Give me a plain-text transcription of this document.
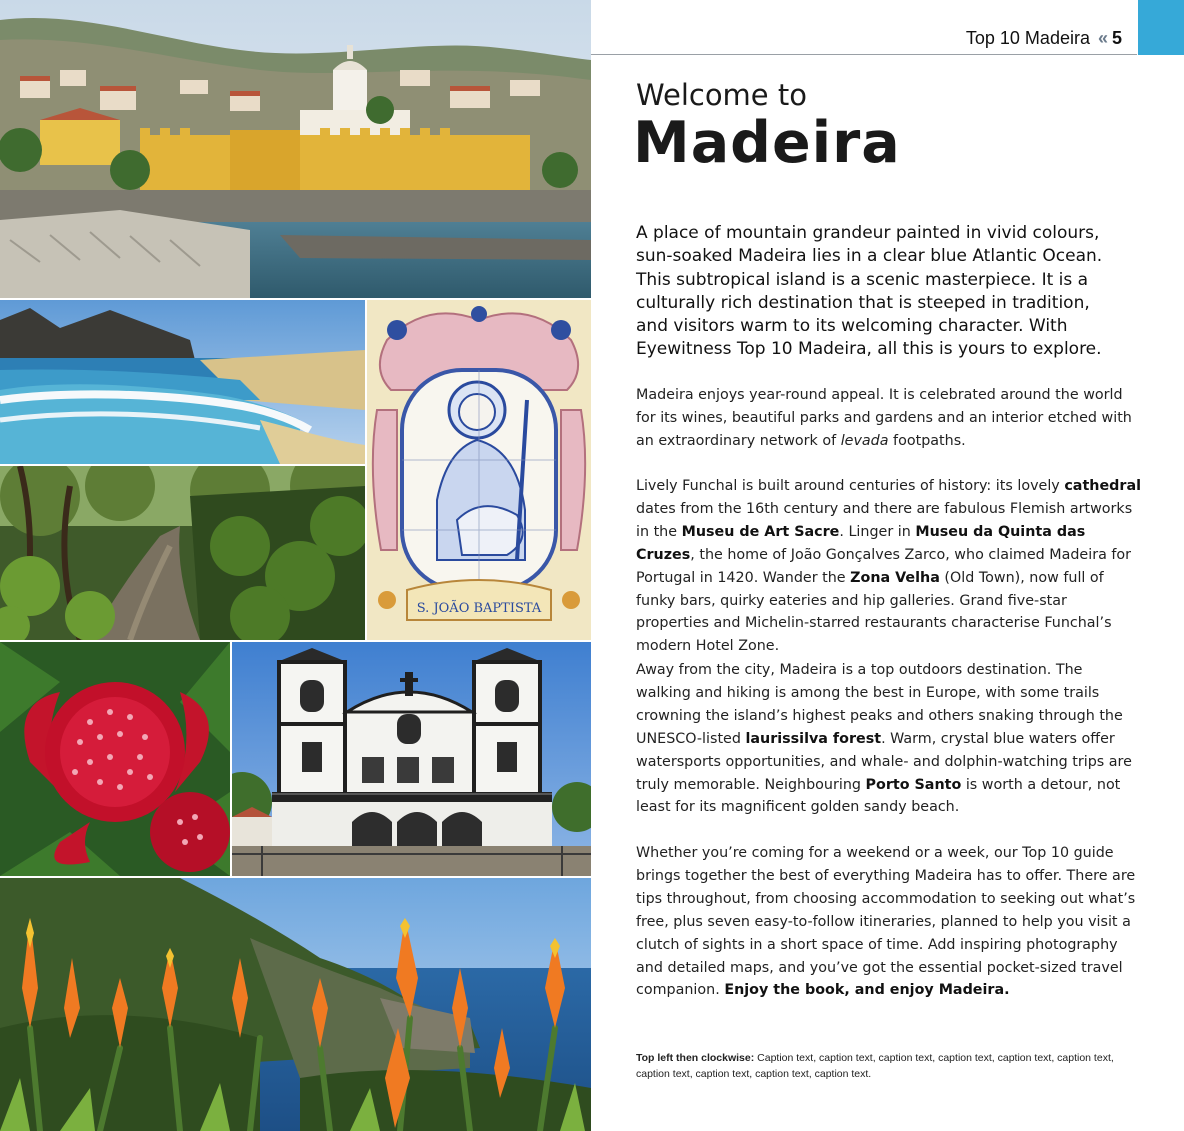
S. JOÃO BAPTISTA
Top 10 Madeira « 5
Welcome to
Madeira
A place of mountain grandeur painted in vivid colours, sun-soaked Madeira lies in a clear blue Atlantic Ocean. This subtropical island is a scenic masterpiece. It is a culturally rich destination that is steeped in tradition, and visitors warm to its welcoming character. With Eyewitness Top 10 Madeira, all this is yours to explore.
Madeira enjoys year-round appeal. It is celebrated around the world for its wines, beautiful parks and gardens and an interior etched with an extraordinary network of levada footpaths.
Lively Funchal is built around centuries of history: its lovely cathedral dates from the 16th century and there are fabulous Flemish artworks in the Museu de Art Sacre. Linger in Museu da Quinta das Cruzes, the home of João Gonçalves Zarco, who claimed Madeira for Portugal in 1420. Wander the Zona Velha (Old Town), now full of funky bars, quirky eateries and hip galleries. Grand five-star properties and Michelin-starred restaurants characterise Funchal’s modern Hotel Zone.
Away from the city, Madeira is a top outdoors destination. The walking and hiking is among the best in Europe, with some trails crowning the island’s highest peaks and others snaking through the UNESCO-listed laurissilva forest. Warm, crystal blue waters offer watersports opportunities, and whale- and dolphin-watching trips are truly memorable. Neighbouring Porto Santo is worth a detour, not least for its magnificent golden sandy beach.
Whether you’re coming for a weekend or a week, our Top 10 guide brings together the best of everything Madeira has to offer. There are tips throughout, from choosing accommodation to seeking out what’s free, plus seven easy-to-follow itineraries, planned to help you visit a clutch of sights in a short space of time. Add inspiring photography and detailed maps, and you’ve got the essential pocket-sized travel companion. Enjoy the book, and enjoy Madeira.
Top left then clockwise: Caption text, caption text, caption text, caption text, caption text, caption text, caption text, caption text, caption text, caption text.
